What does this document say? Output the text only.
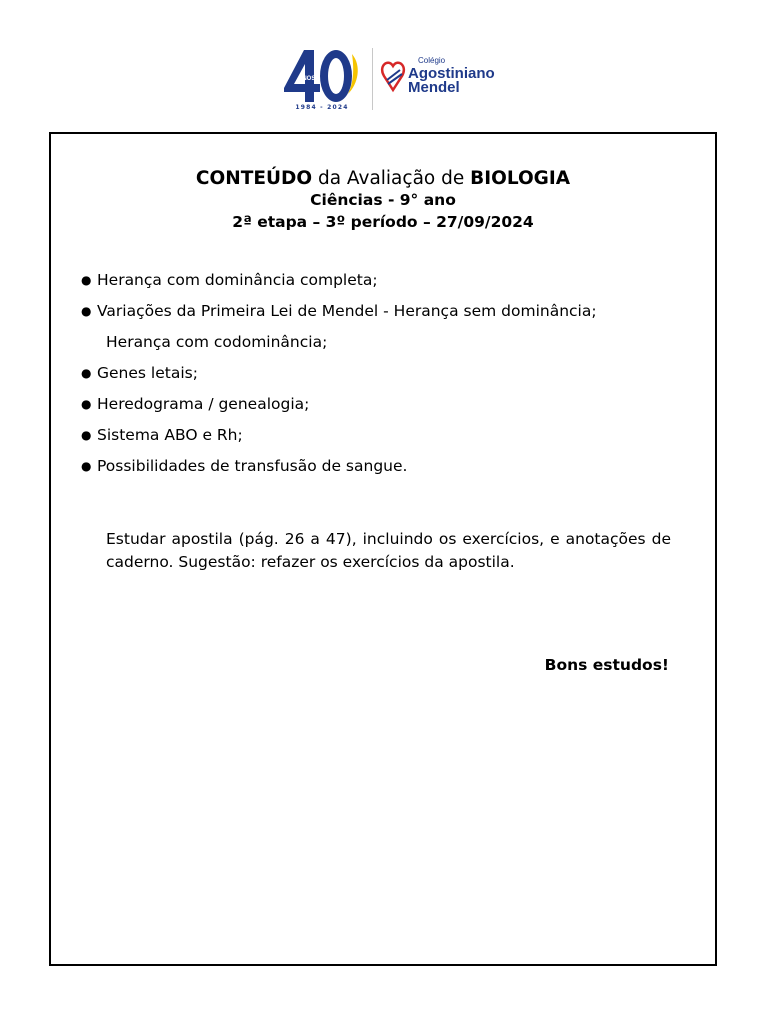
ANOS
1984 - 2024
Colégio
Agostiniano
Mendel
CONTEÚDO da Avaliação de BIOLOGIA
Ciências - 9° ano
2ª etapa – 3º período – 27/09/2024
● Herança com dominância completa;
● Variações da Primeira Lei de Mendel - Herança sem dominância;
Herança com codominância;
● Genes letais;
● Heredograma / genealogia;
● Sistema ABO e Rh;
● Possibilidades de transfusão de sangue.
Estudar apostila (pág. 26 a 47), incluindo os exercícios, e anotações de caderno. Sugestão: refazer os exercícios da apostila.
Bons estudos!
